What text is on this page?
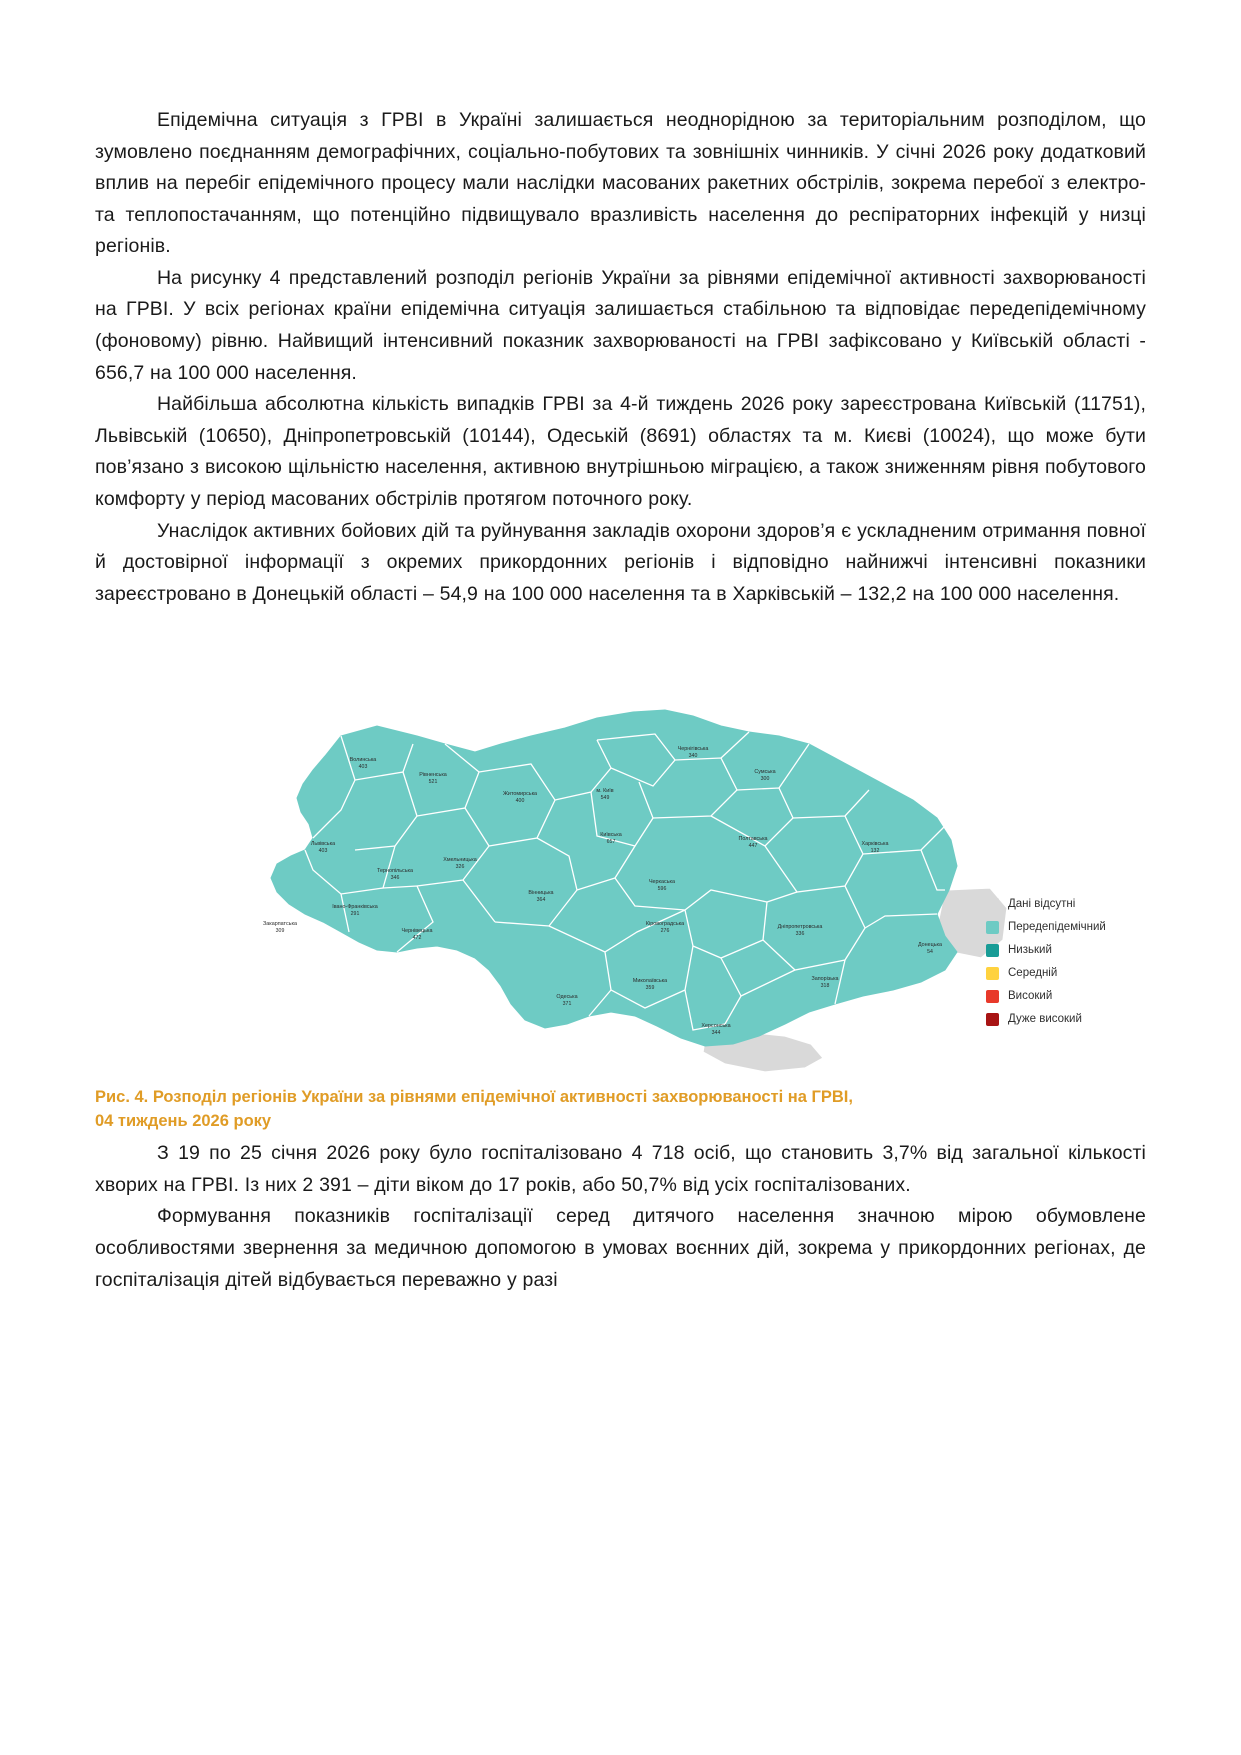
Епідемічна ситуація з ГРВІ в Україні залишається неоднорідною за територіальним розподілом, що зумовлено поєднанням демографічних, соціально-побутових та зовнішніх чинників. У січні 2026 року додатковий вплив на перебіг епідемічного процесу мали наслідки масованих ракетних обстрілів, зокрема перебої з електро- та теплопостачанням, що потенційно підвищувало вразливість населення до респіраторних інфекцій у низці регіонів.

На рисунку 4 представлений розподіл регіонів України за рівнями епідемічної активності захворюваності на ГРВІ. У всіх регіонах країни епідемічна ситуація залишається стабільною та відповідає передепідемічному (фоновому) рівню. Найвищий інтенсивний показник захворюваності на ГРВІ зафіксовано у Київській області - 656,7 на 100 000 населення.

Найбільша абсолютна кількість випадків ГРВІ за 4-й тиждень 2026 року зареєстрована Київській (11751), Львівській (10650), Дніпропетровській (10144), Одеській (8691) областях та м. Києві (10024), що може бути пов’язано з високою щільністю населення, активною внутрішньою міграцією, а також зниженням рівня побутового комфорту у період масованих обстрілів протягом поточного року.

Унаслідок активних бойових дій та руйнування закладів охорони здоров’я є ускладненим отримання повної й достовірної інформації з окремих прикордонних регіонів і відповідно найнижчі інтенсивні показники зареєстровано в Донецькій області – 54,9 на 100 000 населення та в Харківській – 132,2 на 100 000 населення.

Волинська
403
Рівненська
521
Житомирська
400
Чернігівська
340
Сумська
300
м. Київ
549
Київська
657
Львівська
403
Тернопільська
346
Хмельницька
326
Вінницька
364
Черкаська
596
Полтавська
447	Харківська
132
Закарпатська
309
Івано-Франківська
291
Чернівецька
472
Кіровоградська
276
Дніпропетровська
336
Донецька
54
Миколаївська
359
Одеська
371
Херсонська
344
Запорізька
318
Дані відсутні
Передепідемічний
Низький
Середній
Високий
Дуже високий
Рис. 4. Розподіл регіонів України за рівнями епідемічної активності захворюваності на ГРВІ,
04 тиждень 2026 року

З 19 по 25 січня 2026 року було госпіталізовано 4 718 осіб, що становить 3,7% від загальної кількості хворих на ГРВІ. Із них 2 391 – діти віком до 17 років, або 50,7% від усіх госпіталізованих.

Формування показників госпіталізації серед дитячого населення значною мірою обумовлене особливостями звернення за медичною допомогою в умовах воєнних дій, зокрема у прикордонних регіонах, де госпіталізація дітей відбувається переважно у разі
